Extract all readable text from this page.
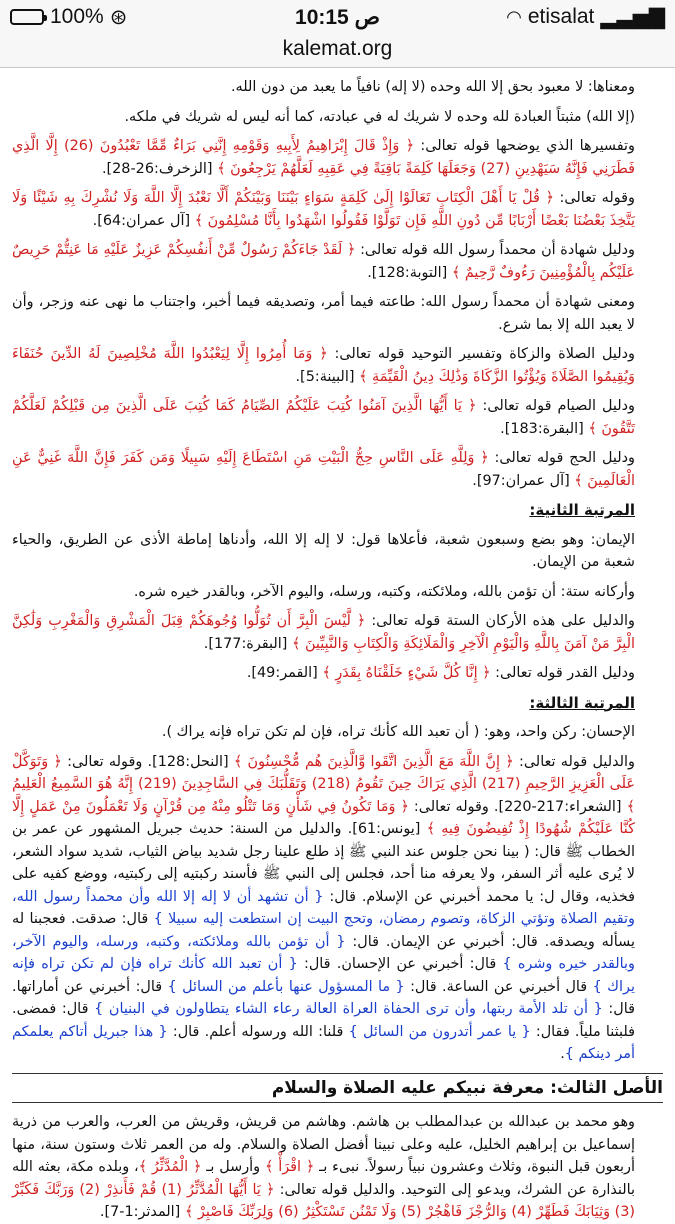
100% ⊛	10:15 ص	◠ etisalat ▂▃▅▇
kalemat.org

ومعناها: لا معبود بحق إلا الله وحده (لا إله) نافياً ما يعبد من دون الله.

(إلا الله) مثبتاً العبادة لله وحده لا شريك له في عبادته، كما أنه ليس له شريك في ملكه.

وتفسيرها الذي يوضحها قوله تعالى: ﴿ وَإِذْ قَالَ إِبْرَاهِيمُ لِأَبِيهِ وَقَوْمِهِ إِنَّنِي بَرَاءٌ مِّمَّا تَعْبُدُونَ (26) إِلَّا الَّذِي فَطَرَنِي فَإِنَّهُ سَيَهْدِينِ (27) وَجَعَلَهَا كَلِمَةً بَاقِيَةً فِي عَقِبِهِ لَعَلَّهُمْ يَرْجِعُونَ ﴾ [الزخرف:26-28].

وقوله تعالى: ﴿ قُلْ يَا أَهْلَ الْكِتَابِ تَعَالَوْا إِلَىٰ كَلِمَةٍ سَوَاءٍ بَيْنَنَا وَبَيْنَكُمْ أَلَّا نَعْبُدَ إِلَّا اللَّهَ وَلَا نُشْرِكَ بِهِ شَيْئًا وَلَا يَتَّخِذَ بَعْضُنَا بَعْضًا أَرْبَابًا مِّن دُونِ اللَّهِ فَإِن تَوَلَّوْا فَقُولُوا اشْهَدُوا بِأَنَّا مُسْلِمُونَ ﴾ [آل عمران:64].

ودليل شهادة أن محمداً رسول الله قوله تعالى: ﴿ لَقَدْ جَاءَكُمْ رَسُولٌ مِّنْ أَنفُسِكُمْ عَزِيزٌ عَلَيْهِ مَا عَنِتُّمْ حَرِيصٌ عَلَيْكُم بِالْمُؤْمِنِينَ رَءُوفٌ رَّحِيمٌ ﴾ [التوبة:128].

ومعنى شهادة أن محمداً رسول الله: طاعته فيما أمر، وتصديقه فيما أخبر، واجتناب ما نهى عنه وزجر، وأن لا يعبد الله إلا بما شرع.

ودليل الصلاة والزكاة وتفسير التوحيد قوله تعالى: ﴿ وَمَا أُمِرُوا إِلَّا لِيَعْبُدُوا اللَّهَ مُخْلِصِينَ لَهُ الدِّينَ حُنَفَاءَ وَيُقِيمُوا الصَّلَاةَ وَيُؤْتُوا الزَّكَاةَ وَذَٰلِكَ دِينُ الْقَيِّمَةِ ﴾ [البينة:5].

ودليل الصيام قوله تعالى: ﴿ يَا أَيُّهَا الَّذِينَ آمَنُوا كُتِبَ عَلَيْكُمُ الصِّيَامُ كَمَا كُتِبَ عَلَى الَّذِينَ مِن قَبْلِكُمْ لَعَلَّكُمْ تَتَّقُونَ ﴾ [البقرة:183].

ودليل الحج قوله تعالى: ﴿ وَلِلَّهِ عَلَى النَّاسِ حِجُّ الْبَيْتِ مَنِ اسْتَطَاعَ إِلَيْهِ سَبِيلًا وَمَن كَفَرَ فَإِنَّ اللَّهَ غَنِيٌّ عَنِ الْعَالَمِينَ ﴾ [آل عمران:97].

المرتبة الثانية:

الإيمان: وهو بضع وسبعون شعبة، فأعلاها قول: لا إله إلا الله، وأدناها إماطة الأذى عن الطريق، والحياء شعبة من الإيمان.

وأركانه ستة: أن تؤمن بالله، وملائكته، وكتبه، ورسله، واليوم الآخر، وبالقدر خيره شره.

والدليل على هذه الأركان الستة قوله تعالى: ﴿ لَّيْسَ الْبِرَّ أَن تُوَلُّوا وُجُوهَكُمْ قِبَلَ الْمَشْرِقِ وَالْمَغْرِبِ وَلَٰكِنَّ الْبِرَّ مَنْ آمَنَ بِاللَّهِ وَالْيَوْمِ الْآخِرِ وَالْمَلَائِكَةِ وَالْكِتَابِ وَالنَّبِيِّينَ ﴾ [البقرة:177].

ودليل القدر قوله تعالى: ﴿ إِنَّا كُلَّ شَيْءٍ خَلَقْنَاهُ بِقَدَرٍ ﴾ [القمر:49].

المرتبة الثالثة:

الإحسان: ركن واحد، وهو: ( أن تعبد الله كأنك تراه، فإن لم تكن تراه فإنه يراك ).

والدليل قوله تعالى: ﴿ إِنَّ اللَّهَ مَعَ الَّذِينَ اتَّقَوا وَّالَّذِينَ هُم مُّحْسِنُونَ ﴾ [النحل:128]. وقوله تعالى: ﴿ وَتَوَكَّلْ عَلَى الْعَزِيزِ الرَّحِيمِ (217) الَّذِي يَرَاكَ حِينَ تَقُومُ (218) وَتَقَلُّبَكَ فِي السَّاجِدِينَ (219) إِنَّهُ هُوَ السَّمِيعُ الْعَلِيمُ ﴾ [الشعراء:217-220]. وقوله تعالى: ﴿ وَمَا تَكُونُ فِي شَأْنٍ وَمَا تَتْلُو مِنْهُ مِن قُرْآنٍ وَلَا تَعْمَلُونَ مِنْ عَمَلٍ إِلَّا كُنَّا عَلَيْكُمْ شُهُودًا إِذْ تُفِيضُونَ فِيهِ ﴾ [يونس:61]. والدليل من السنة: حديث جبريل المشهور عن عمر بن الخطاب ﷺ قال: ( بينا نحن جلوس عند النبي ﷺ إذ طلع علينا رجل شديد بياض الثياب، شديد سواد الشعر، لا يُرى عليه أثر السفر، ولا يعرفه منا أحد، فجلس إلى النبي ﷺ فأسند ركبتيه إلى ركبتيه، ووضع كفيه على فخذيه، وقال ل: يا محمد أخبرني عن الإسلام. قال: { أن تشهد أن لا إله إلا الله وأن محمداً رسول الله، وتقيم الصلاة وتؤتي الزكاة، وتصوم رمضان، وتحج البيت إن استطعت إليه سبيلا } قال: صدقت. فعجبنا له يسأله ويصدقه. قال: أخبرني عن الإيمان. قال: { أن تؤمن بالله وملائكته، وكتبه، ورسله، واليوم الآخر، وبالقدر خيره وشره } قال: أخبرني عن الإحسان. قال: { أن تعبد الله كأنك تراه فإن لم تكن تراه فإنه يراك } قال أخبرني عن الساعة. قال: { ما المسؤول عنها بأعلم من السائل } قال: أخبرني عن أماراتها. قال: { أن تلد الأمة ربتها، وأن ترى الحفاة العراة العالة رعاء الشاء يتطاولون في البنيان } قال: فمضى. فلبثنا ملياً. فقال: { يا عمر أتدرون من السائل } قلنا: الله ورسوله أعلم. قال: { هذا جبريل أتاكم يعلمكم أمر دينكم }.

الأصل الثالث: معرفة نبيكم عليه الصلاة والسلام

وهو محمد بن عبدالله بن عبدالمطلب بن هاشم. وهاشم من قريش، وقريش من العرب، والعرب من ذرية إسماعيل بن إبراهيم الخليل، عليه وعلى نبينا أفضل الصلاة والسلام. وله من العمر ثلاث وستون سنة، منها أربعون قبل النبوة، وثلاث وعشرون نبياً رسولاً. نبىء بـ ﴿ اقْرَأْ ﴾ وأرسل بـ ﴿ الْمُدَّثِّرُ ﴾، وبلده مكة، بعثه الله بالنذارة عن الشرك، ويدعو إلى التوحيد. والدليل قوله تعالى: ﴿ يَا أَيُّهَا الْمُدَّثِّرُ (1) قُمْ فَأَنذِرْ (2) وَرَبَّكَ فَكَبِّرْ (3) وَثِيَابَكَ فَطَهِّرْ (4) وَالرُّجْزَ فَاهْجُرْ (5) وَلَا تَمْنُن تَسْتَكْثِرُ (6) وَلِرَبِّكَ فَاصْبِرْ ﴾ [المدثر:1-7].
